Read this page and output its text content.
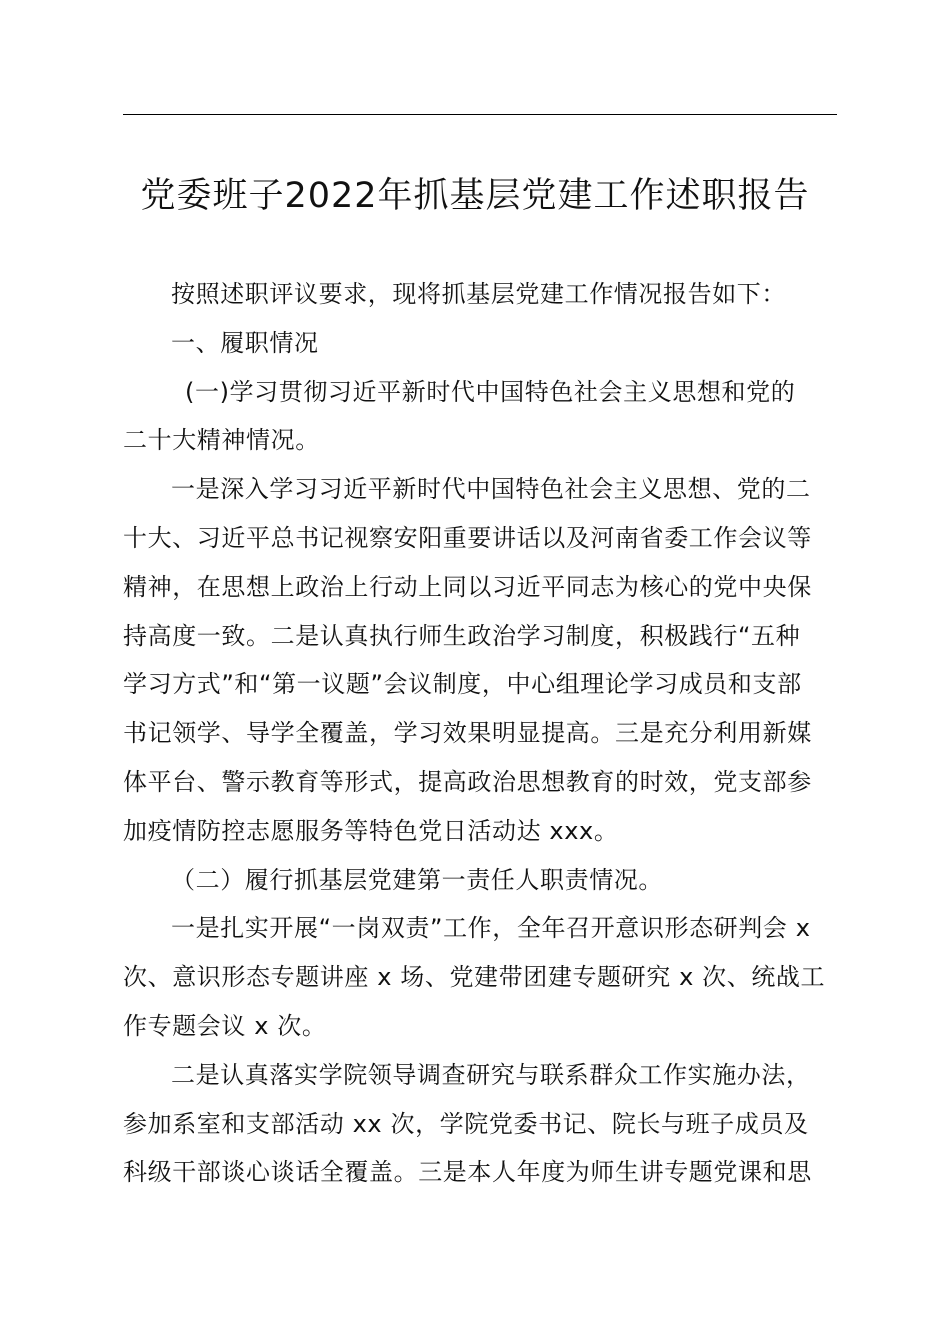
党委班子2022年抓基层党建工作述职报告

按照述职评议要求，现将抓基层党建工作情况报告如下：

一、履职情况

(一)学习贯彻习近平新时代中国特色社会主义思想和党的
二十大精神情况。
一是深入学习习近平新时代中国特色社会主义思想、党的二
十大、习近平总书记视察安阳重要讲话以及河南省委工作会议等
精神，在思想上政治上行动上同以习近平同志为核心的党中央保
持高度一致。二是认真执行师生政治学习制度，积极践行“五种
学习方式”和“第一议题”会议制度，中心组理论学习成员和支部
书记领学、导学全覆盖，学习效果明显提高。三是充分利用新媒
体平台、警示教育等形式，提高政治思想教育的时效，党支部参
加疫情防控志愿服务等特色党日活动达 xxx。

（二）履行抓基层党建第一责任人职责情况。

一是扎实开展“一岗双责”工作，全年召开意识形态研判会 x
次、意识形态专题讲座 x 场、党建带团建专题研究 x 次、统战工
作专题会议 x 次。
二是认真落实学院领导调查研究与联系群众工作实施办法，
参加系室和支部活动 xx 次，学院党委书记、院长与班子成员及
科级干部谈心谈话全覆盖。三是本人年度为师生讲专题党课和思
